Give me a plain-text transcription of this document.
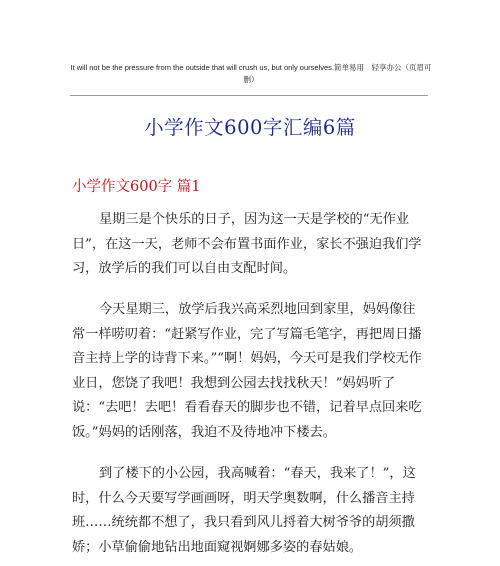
It will not be the pressure from the outside that will crush us, but only ourselves.简单易用　轻享办公（页眉可删）
小学作文600字汇编6篇
小学作文600字 篇1

星期三是个快乐的日子，因为这一天是学校的“无作业日”，在这一天，老师不会布置书面作业，家长不强迫我们学习，放学后的我们可以自由支配时间。

今天星期三，放学后我兴高采烈地回到家里，妈妈像往常一样唠叨着：“赶紧写作业，完了写篇毛笔字，再把周日播音主持上学的诗背下来。”“啊！妈妈，今天可是我们学校无作业日，您饶了我吧！我想到公园去找找秋天！”妈妈听了说：“去吧！去吧！看看春天的脚步也不错，记着早点回来吃饭。”妈妈的话刚落，我迫不及待地冲下楼去。

到了楼下的小公园，我高喊着：“春天，我来了！”，这时，什么今天要写学画画呀，明天学奥数啊，什么播音主持班……统统都不想了，我只看到风儿捋着大树爷爷的胡须撒娇；小草偷偷地钻出地面窥视婀娜多姿的春姑娘。
